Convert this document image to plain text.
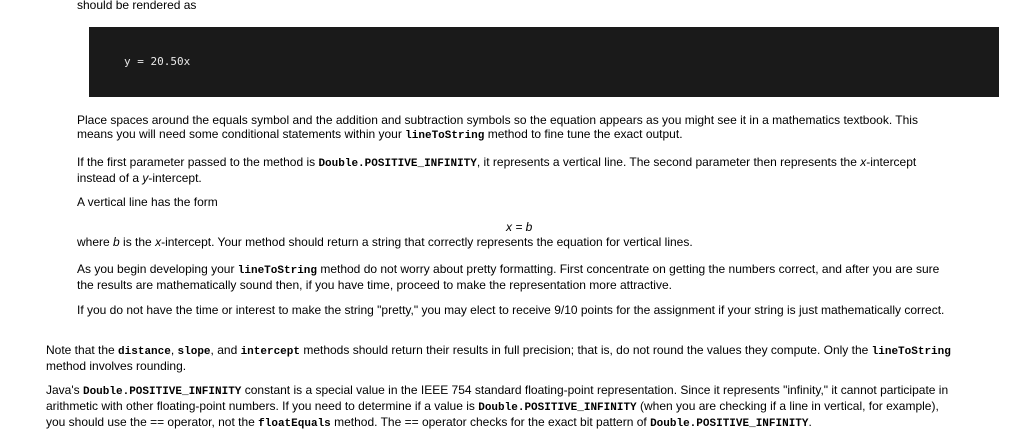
should be rendered as
y = 20.50x
Place spaces around the equals symbol and the addition and subtraction symbols so the equation appears as you might see it in a mathematics textbook. This means you will need some conditional statements within your lineToString method to fine tune the exact output.
If the first parameter passed to the method is Double.POSITIVE_INFINITY, it represents a vertical line. The second parameter then represents the x-intercept instead of a y-intercept.
A vertical line has the form
x = b
where b is the x-intercept. Your method should return a string that correctly represents the equation for vertical lines.
As you begin developing your lineToString method do not worry about pretty formatting. First concentrate on getting the numbers correct, and after you are sure the results are mathematically sound then, if you have time, proceed to make the representation more attractive.
If you do not have the time or interest to make the string "pretty," you may elect to receive 9/10 points for the assignment if your string is just mathematically correct.
Note that the distance, slope, and intercept methods should return their results in full precision; that is, do not round the values they compute. Only the lineToString method involves rounding.
Java's Double.POSITIVE_INFINITY constant is a special value in the IEEE 754 standard floating-point representation. Since it represents "infinity," it cannot participate in arithmetic with other floating-point numbers. If you need to determine if a value is Double.POSITIVE_INFINITY (when you are checking if a line in vertical, for example), you should use the == operator, not the floatEquals method. The == operator checks for the exact bit pattern of Double.POSITIVE_INFINITY.
